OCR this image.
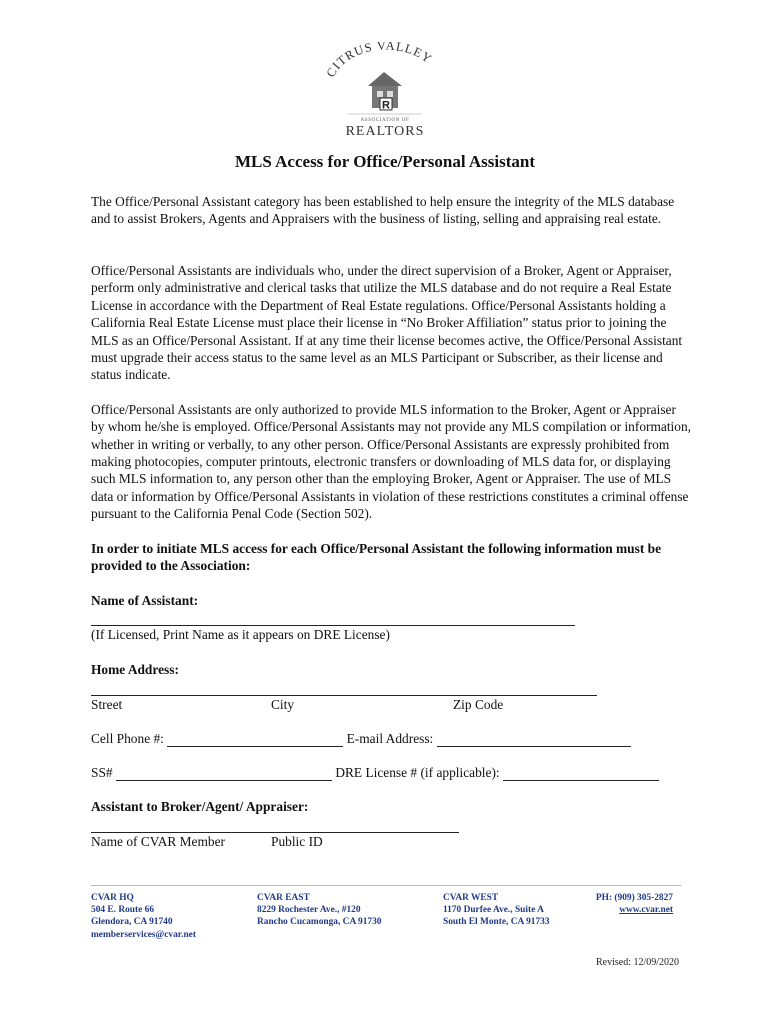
CITRUS VALLEY
R
ASSOCIATION OF
REALTORS
MLS Access for Office/Personal Assistant

The Office/Personal Assistant category has been established to help ensure the integrity of the MLS database and to assist Brokers, Agents and Appraisers with the business of listing, selling and appraising real estate.

Office/Personal Assistants are individuals who, under the direct supervision of a Broker, Agent or Appraiser, perform only administrative and clerical tasks that utilize the MLS database and do not require a Real Estate License in accordance with the Department of Real Estate regulations. Office/Personal Assistants holding a California Real Estate License must place their license in “No Broker Affiliation” status prior to joining the MLS as an Office/Personal Assistant. If at any time their license becomes active, the Office/Personal Assistant must upgrade their access status to the same level as an MLS Participant or Subscriber, as their license and status indicate.

Office/Personal Assistants are only authorized to provide MLS information to the Broker, Agent or Appraiser by whom he/she is employed. Office/Personal Assistants may not provide any MLS compilation or information, whether in writing or verbally, to any other person. Office/Personal Assistants are expressly prohibited from making photocopies, computer printouts, electronic transfers or downloading of MLS data for, or displaying such MLS information to, any person other than the employing Broker, Agent or Appraiser. The use of MLS data or information by Office/Personal Assistants in violation of these restrictions constitutes a criminal offense pursuant to the California Penal Code (Section 502).

In order to initiate MLS access for each Office/Personal Assistant the following information must be provided to the Association:

Name of Assistant:
(If Licensed, Print Name as it appears on DRE License)
Home Address:
Street	City	Zip Code
Cell Phone #:	E-mail Address:
SS#	DRE License # (if applicable):
Assistant to Broker/Agent/ Appraiser:
Name of CVAR Member	Public ID
CVAR HQ
504 E. Route 66
Glendora, CA 91740
memberservices@cvar.net
CVAR EAST
8229 Rochester Ave., #120
Rancho Cucamonga, CA 91730
CVAR WEST
1170 Durfee Ave., Suite A
South El Monte, CA 91733
PH: (909) 305-2827
www.cvar.net
Revised: 12/09/2020
